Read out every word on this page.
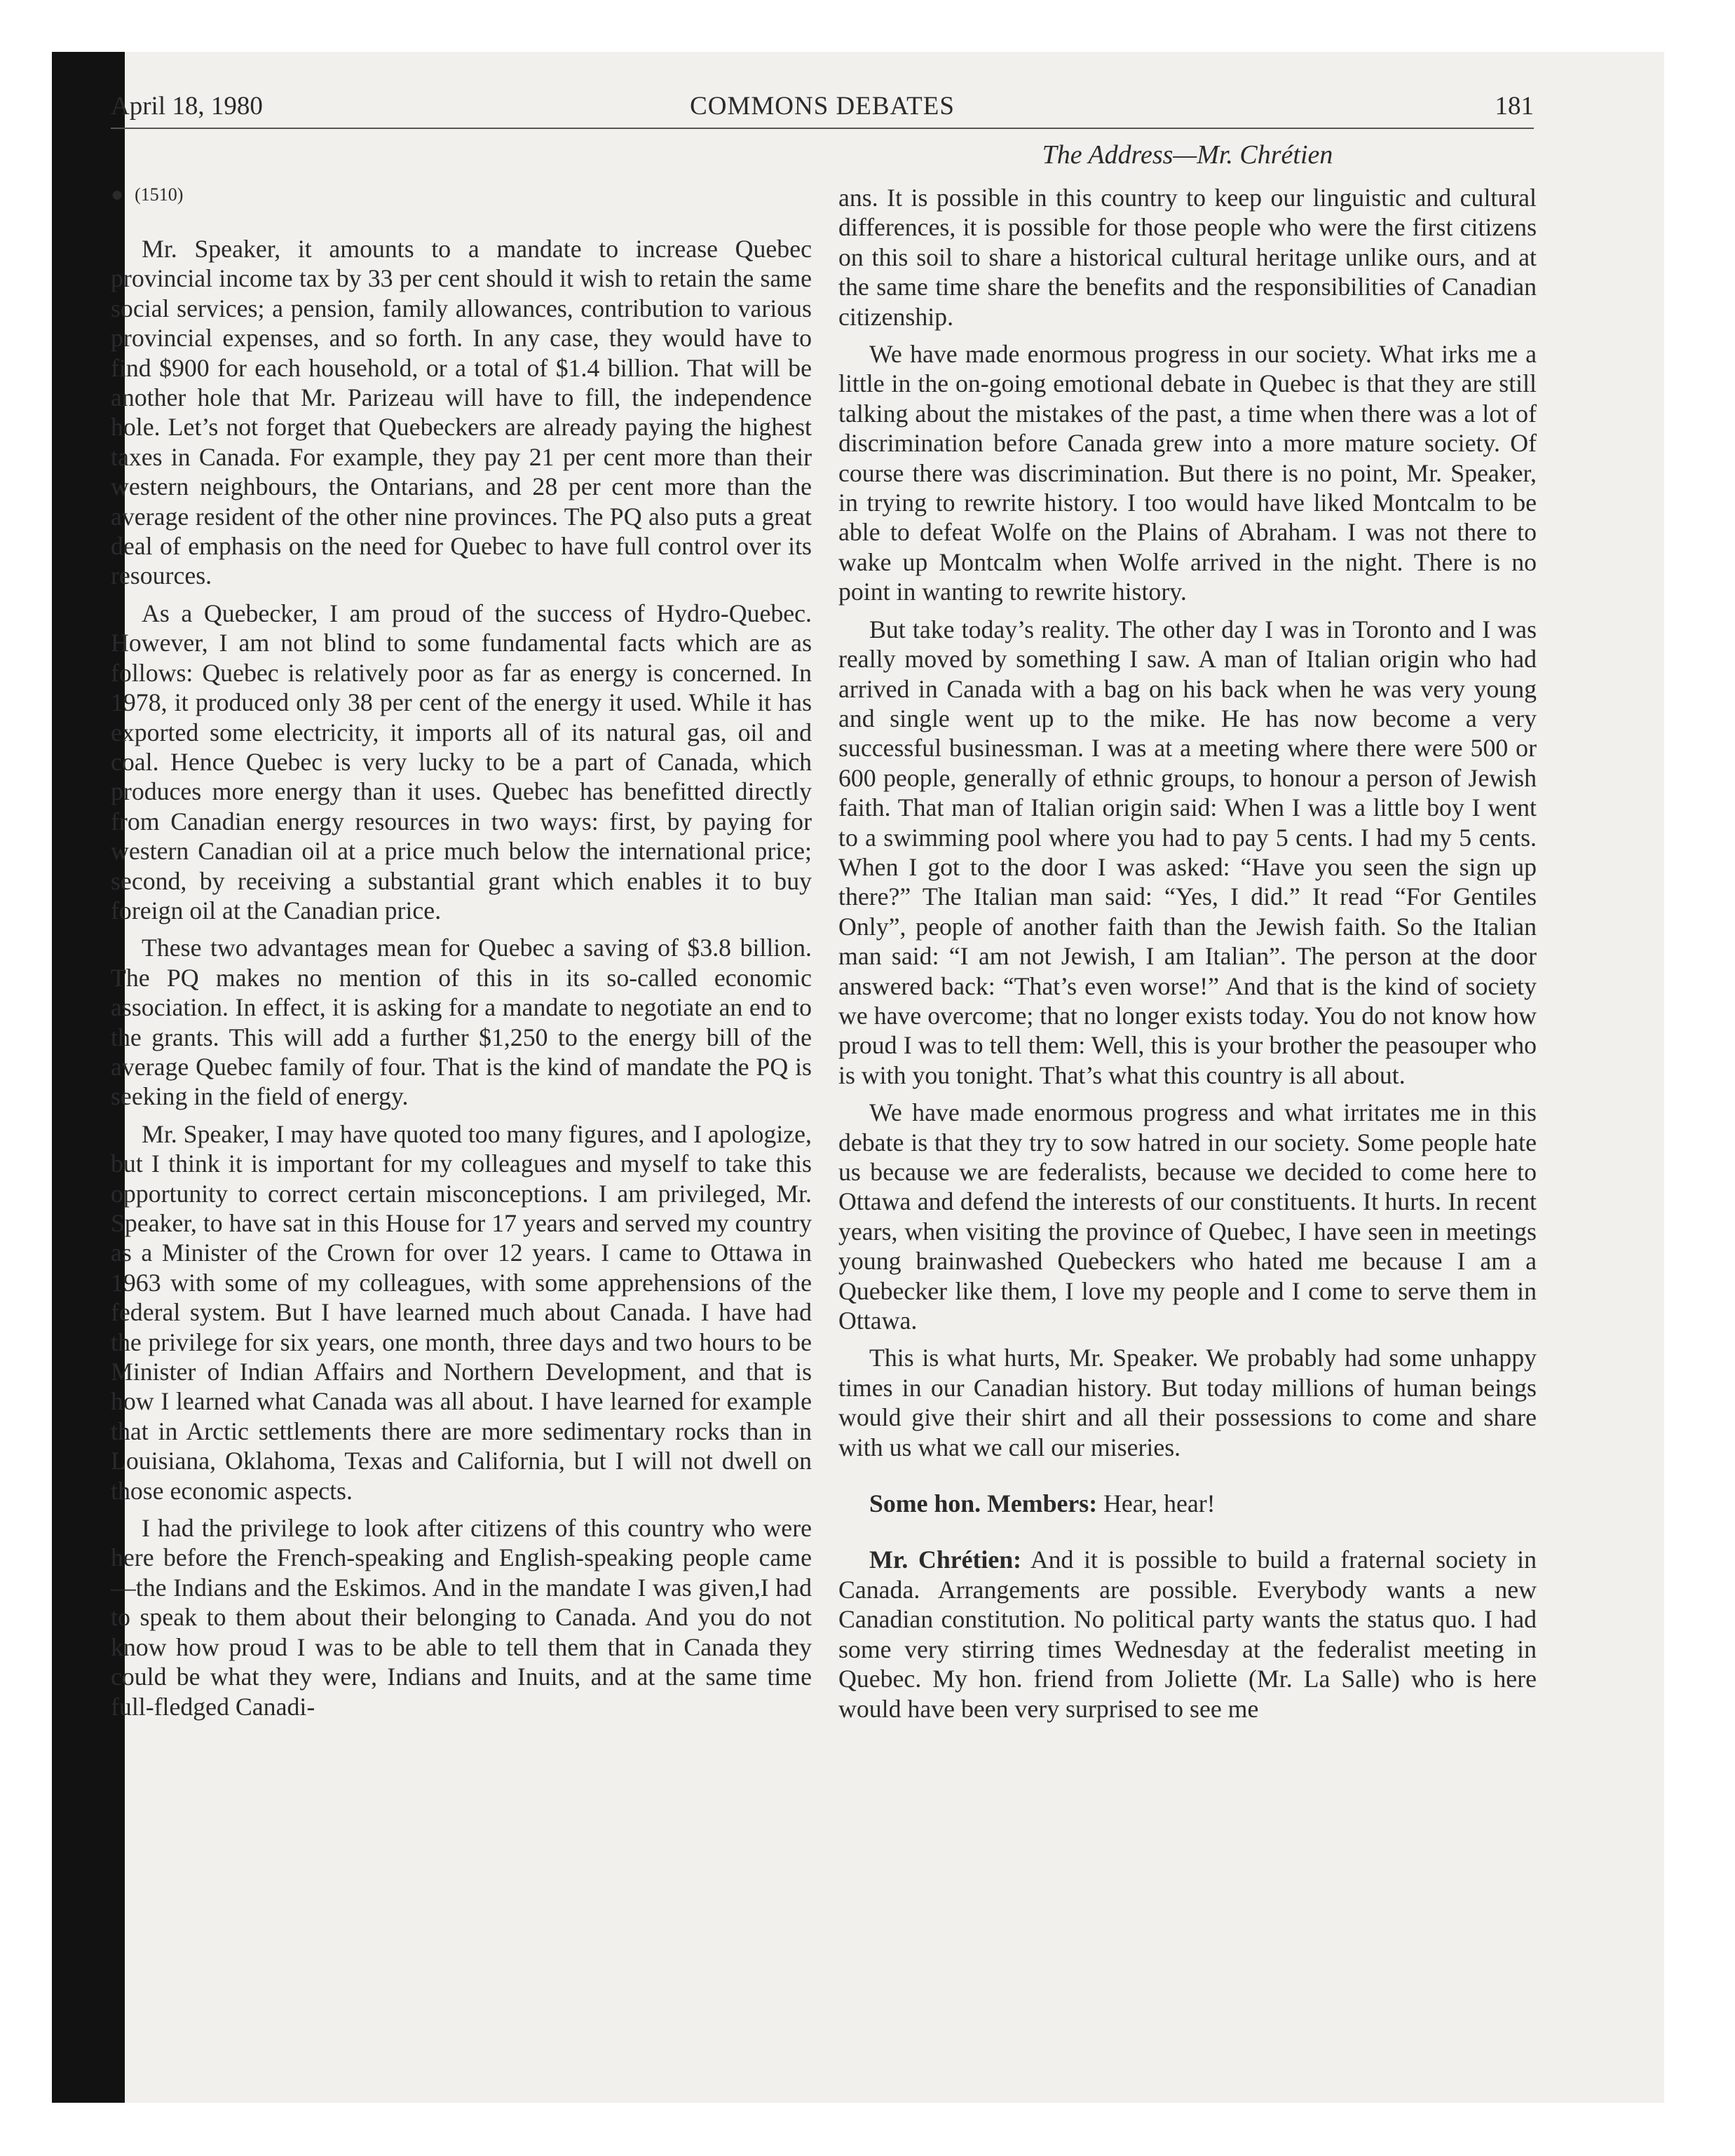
April 18, 1980	COMMONS DEBATES	181
● (1510)

Mr. Speaker, it amounts to a mandate to increase Quebec provincial income tax by 33 per cent should it wish to retain the same social services; a pension, family allowances, contribution to various provincial expenses, and so forth. In any case, they would have to find $900 for each household, or a total of $1.4 billion. That will be another hole that Mr. Parizeau will have to fill, the independence hole. Let’s not forget that Quebeckers are already paying the highest taxes in Canada. For example, they pay 21 per cent more than their western neighbours, the Ontarians, and 28 per cent more than the average resident of the other nine provinces. The PQ also puts a great deal of emphasis on the need for Quebec to have full control over its resources.

As a Quebecker, I am proud of the success of Hydro-Quebec. However, I am not blind to some fundamental facts which are as follows: Quebec is relatively poor as far as energy is concerned. In 1978, it produced only 38 per cent of the energy it used. While it has exported some electricity, it imports all of its natural gas, oil and coal. Hence Quebec is very lucky to be a part of Canada, which produces more energy than it uses. Quebec has benefitted directly from Canadian energy resources in two ways: first, by paying for western Canadian oil at a price much below the international price; second, by receiving a substantial grant which enables it to buy foreign oil at the Canadian price.

These two advantages mean for Quebec a saving of $3.8 billion. The PQ makes no mention of this in its so-called economic association. In effect, it is asking for a mandate to negotiate an end to the grants. This will add a further $1,250 to the energy bill of the average Quebec family of four. That is the kind of mandate the PQ is seeking in the field of energy.

Mr. Speaker, I may have quoted too many figures, and I apologize, but I think it is important for my colleagues and myself to take this opportunity to correct certain misconceptions. I am privileged, Mr. Speaker, to have sat in this House for 17 years and served my country as a Minister of the Crown for over 12 years. I came to Ottawa in 1963 with some of my colleagues, with some apprehensions of the federal system. But I have learned much about Canada. I have had the privilege for six years, one month, three days and two hours to be Minister of Indian Affairs and Northern Development, and that is how I learned what Canada was all about. I have learned for example that in Arctic settlements there are more sedimentary rocks than in Louisiana, Oklahoma, Texas and California, but I will not dwell on those economic aspects.

I had the privilege to look after citizens of this country who were here before the French-speaking and English-speaking people came—the Indians and the Eskimos. And in the mandate I was given,I had to speak to them about their belonging to Canada. And you do not know how proud I was to be able to tell them that in Canada they could be what they were, Indians and Inuits, and at the same time full-fledged Canadi-

The Address—Mr. Chrétien

ans. It is possible in this country to keep our linguistic and cultural differences, it is possible for those people who were the first citizens on this soil to share a historical cultural heritage unlike ours, and at the same time share the benefits and the responsibilities of Canadian citizenship.

We have made enormous progress in our society. What irks me a little in the on-going emotional debate in Quebec is that they are still talking about the mistakes of the past, a time when there was a lot of discrimination before Canada grew into a more mature society. Of course there was discrimination. But there is no point, Mr. Speaker, in trying to rewrite history. I too would have liked Montcalm to be able to defeat Wolfe on the Plains of Abraham. I was not there to wake up Montcalm when Wolfe arrived in the night. There is no point in wanting to rewrite history.

But take today’s reality. The other day I was in Toronto and I was really moved by something I saw. A man of Italian origin who had arrived in Canada with a bag on his back when he was very young and single went up to the mike. He has now become a very successful businessman. I was at a meeting where there were 500 or 600 people, generally of ethnic groups, to honour a person of Jewish faith. That man of Italian origin said: When I was a little boy I went to a swimming pool where you had to pay 5 cents. I had my 5 cents. When I got to the door I was asked: “Have you seen the sign up there?” The Italian man said: “Yes, I did.” It read “For Gentiles Only”, people of another faith than the Jewish faith. So the Italian man said: “I am not Jewish, I am Italian”. The person at the door answered back: “That’s even worse!” And that is the kind of society we have overcome; that no longer exists today. You do not know how proud I was to tell them: Well, this is your brother the peasouper who is with you tonight. That’s what this country is all about.

We have made enormous progress and what irritates me in this debate is that they try to sow hatred in our society. Some people hate us because we are federalists, because we decided to come here to Ottawa and defend the interests of our constituents. It hurts. In recent years, when visiting the province of Quebec, I have seen in meetings young brainwashed Quebeckers who hated me because I am a Quebecker like them, I love my people and I come to serve them in Ottawa.

This is what hurts, Mr. Speaker. We probably had some unhappy times in our Canadian history. But today millions of human beings would give their shirt and all their possessions to come and share with us what we call our miseries.

Some hon. Members: Hear, hear!

Mr. Chrétien: And it is possible to build a fraternal society in Canada. Arrangements are possible. Everybody wants a new Canadian constitution. No political party wants the status quo. I had some very stirring times Wednesday at the federalist meeting in Quebec. My hon. friend from Joliette (Mr. La Salle) who is here would have been very surprised to see me
